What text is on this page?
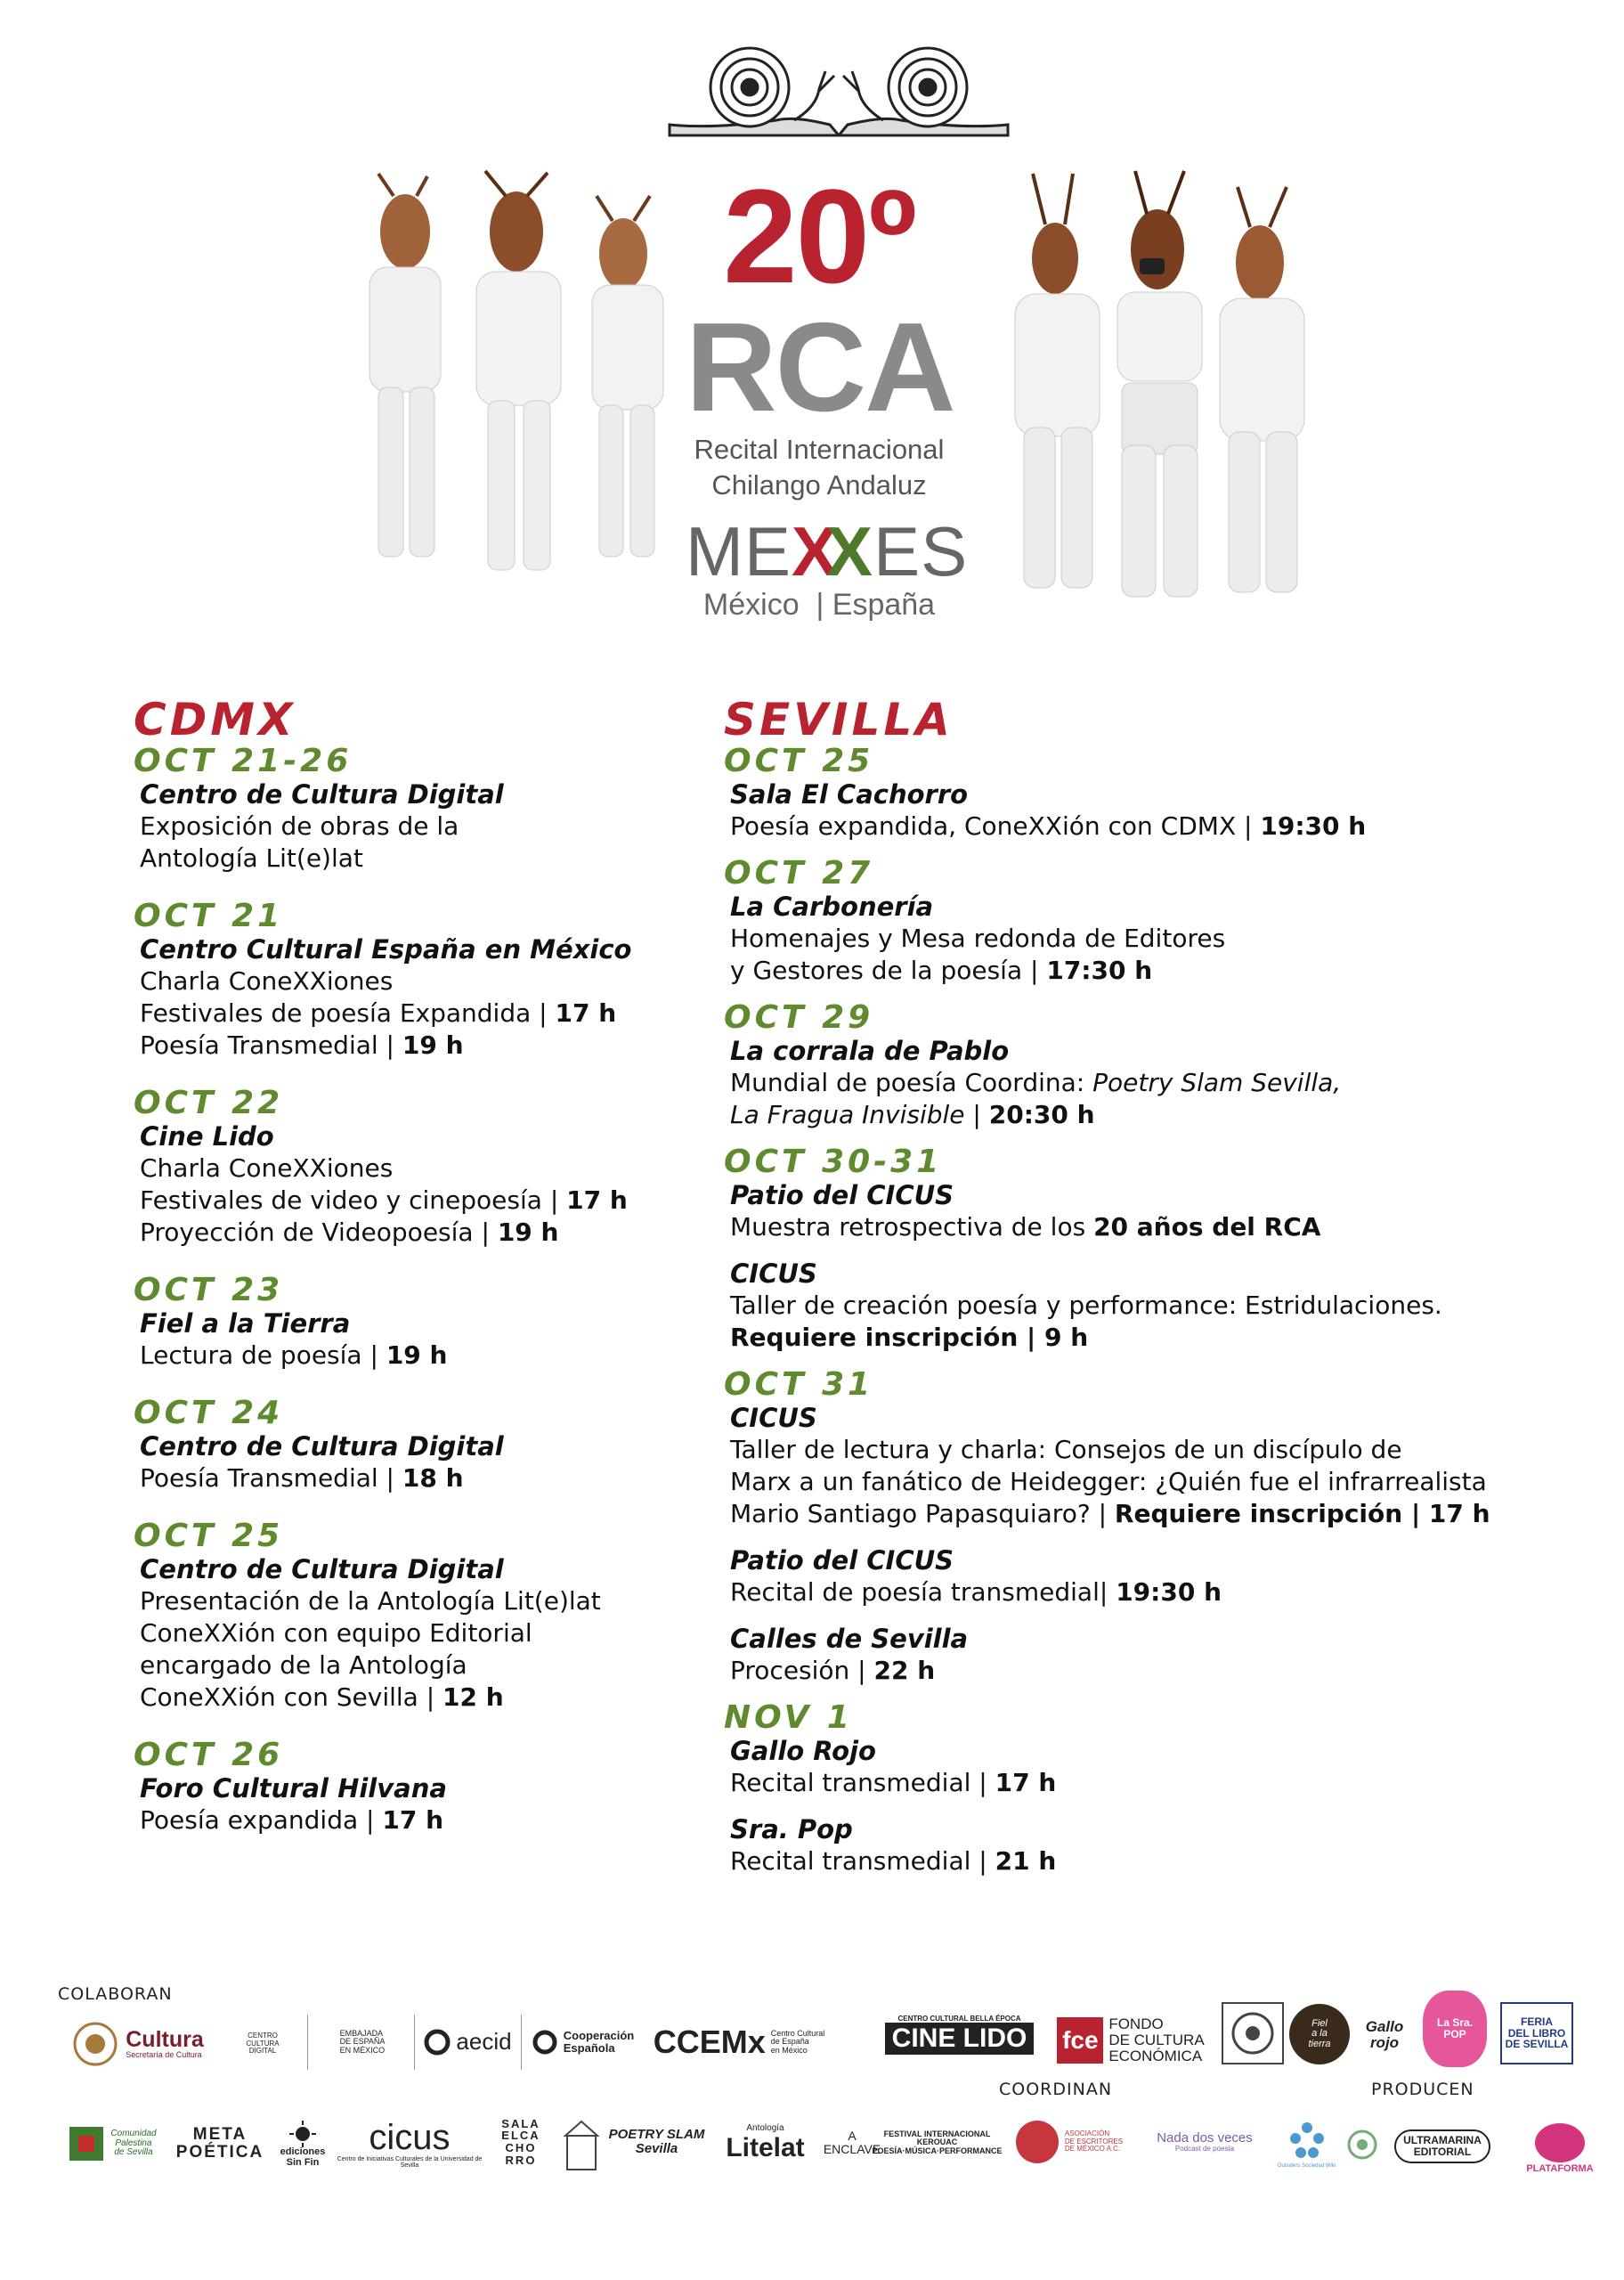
20º
RCA
Recital Internacional
Chilango Andaluz
MEXXES
México  | España
CDMX
OCT 21-26
Centro de Cultura Digital
Exposición de obras de la
Antología Lit(e)lat
OCT 21
Centro Cultural España en México
Charla ConeXXiones
Festivales de poesía Expandida | 17 h
Poesía Transmedial | 19 h
OCT 22
Cine Lido
Charla ConeXXiones
Festivales de video y cinepoesía | 17 h
Proyección de Videopoesía | 19 h
OCT 23
Fiel a la Tierra
Lectura de poesía | 19 h
OCT 24
Centro de Cultura Digital
Poesía Transmedial | 18 h
OCT 25
Centro de Cultura Digital
Presentación de la Antología Lit(e)lat
ConeXXión con equipo Editorial
encargado de la Antología
ConeXXión con Sevilla | 12 h
OCT 26
Foro Cultural Hilvana
Poesía expandida | 17 h
SEVILLA
OCT 25
Sala El Cachorro
Poesía expandida, ConeXXión con CDMX | 19:30 h
OCT 27
La Carbonería
Homenajes y Mesa redonda de Editores
y Gestores de la poesía | 17:30 h
OCT 29
La corrala de Pablo
Mundial de poesía Coordina: Poetry Slam Sevilla,
La Fragua Invisible | 20:30 h
OCT 30-31
Patio del CICUS
Muestra retrospectiva de los 20 años del RCA
CICUS
Taller de creación poesía y performance: Estridulaciones.
Requiere inscripción | 9 h
OCT 31
CICUS
Taller de lectura y charla: Consejos de un discípulo de
Marx a un fanático de Heidegger: ¿Quién fue el infrarrealista
Mario Santiago Papasquiaro? | Requiere inscripción | 17 h
Patio del CICUS
Recital de poesía transmedial| 19:30 h
Calles de Sevilla
Procesión | 22 h
NOV 1
Gallo Rojo
Recital transmedial | 17 h
Sra. Pop
Recital transmedial | 21 h
COLABORAN
COORDINAN	PRODUCEN
Cultura
Secretaría de Cultura
CENTRO
CULTURA
DIGITAL
EMBAJADA
DE ESPAÑA
EN MÉXICO	aecid	Cooperación
Española	CCEMx Centro Cultural
de España
en México
CENTRO CULTURAL BELLA ÉPOCA
CINE LIDO fce
FONDO
DE CULTURA
ECONÓMICA
Fiel
a la
tierra
Gallo
rojo
La Sra.
POP
FERIA
DEL LIBRO
DE SEVILLA
Comunidad
Palestina
de Sevilla
META
POÉTICA ediciones
Sin Fin
cicus
Centro de Iniciativas Culturales de la Universidad de Sevilla
SALA
ELCA
CHO
RRO
POETRY SLAM
Sevilla
Antología
Litelat	A
ENCLAVE
FESTIVAL INTERNACIONAL
KEROUAC
POESÍA·MÚSICA·PERFORMANCE
ASOCIACIÓN
DE ESCRITORES
DE MÉXICO A.C.
Nada dos veces
Podcast de poesía
Outsiders Sociedad Wiki
ULTRAMARINA
EDITORIAL
PLATAFORMA
